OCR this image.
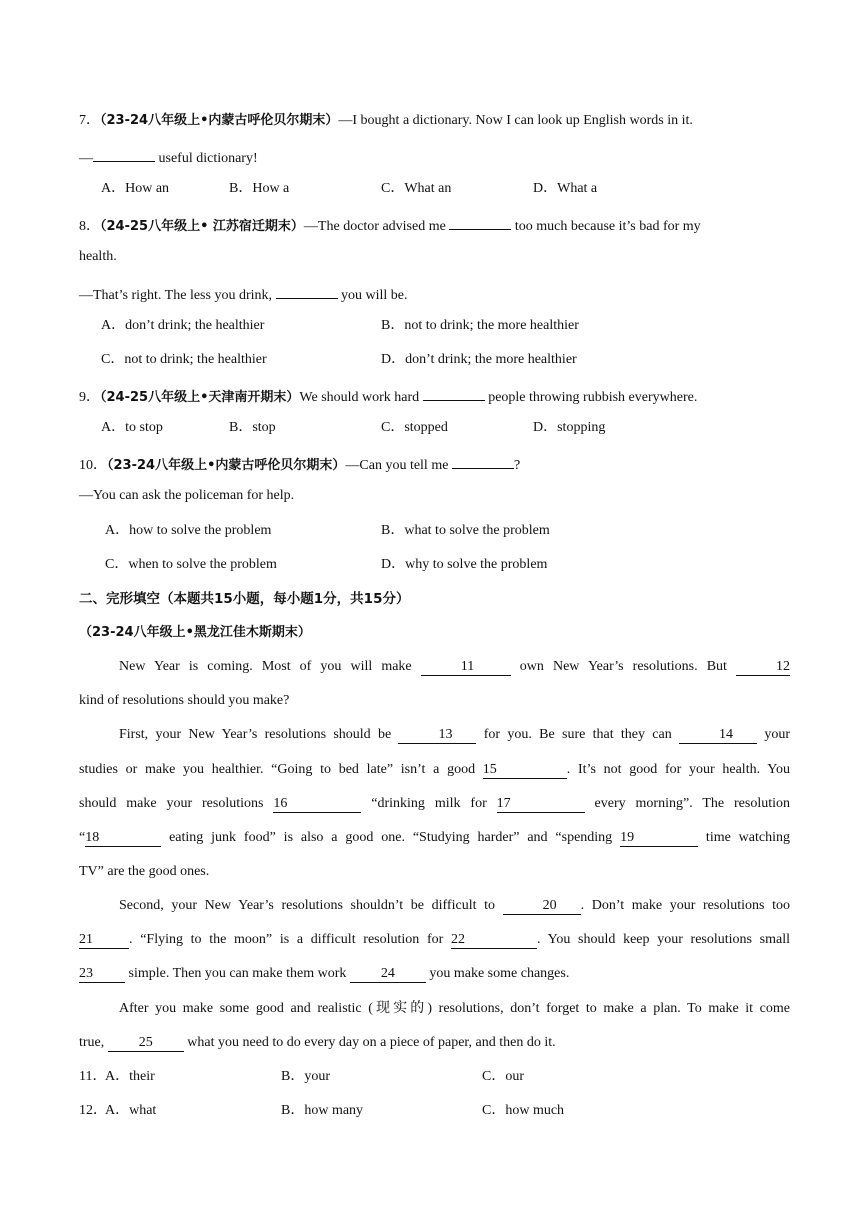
7．（23-24八年级上•内蒙古呼伦贝尔期末）—I bought a dictionary. Now I can look up English words in it.
—	useful dictionary!
A．How an	B．How a	C．What an	D．What a
8．（24-25八年级上• 江苏宿迁期末）—The doctor advised me	too much because it’s bad for my
health.
—That’s right. The less you drink,	you will be.
A．don’t drink; the healthier	B．not to drink; the more healthier
C．not to drink; the healthier	D．don’t drink; the more healthier
9．（24-25八年级上•天津南开期末）We should work hard	people throwing rubbish everywhere.
A．to stop	B．stop	C．stopped	D．stopping
10．（23-24八年级上•内蒙古呼伦贝尔期末）—Can you tell me	?
—You can ask the policeman for help.
A．how to solve the problem	B．what to solve the problem
C．when to solve the problem	D．why to solve the problem
二、完形填空（本题共15小题，每小题1分，共15分）
（23-24八年级上•黑龙江佳木斯期末）
New Year is coming. Most of you will make	11	own New Year’s resolutions. But	12
kind of resolutions should you make?
First, your New Year’s resolutions should be	13 for you. Be sure that they can	14 your
studies or make you healthier. “Going to bed late” isn’t a good 15	. It’s not good for your health. You
should make your resolutions 16	“drinking milk for 17	every morning”. The resolution
“18	eating junk food” is also a good one. “Studying harder” and “spending 19	time watching
TV” are the good ones.
Second, your New Year’s resolutions shouldn’t be difficult to	20 . Don’t make your resolutions too
21	. “Flying to the moon” is a difficult resolution for 22	. You should keep your resolutions small
23 simple. Then you can make them work 24 you make some changes.
After you make some good and realistic (现实的) resolutions, don’t forget to make a plan. To make it come
true, 25 what you need to do every day on a piece of paper, and then do it.
11．
A．their	B．your	C．our
12．
A．what	B．how many	C．how much
